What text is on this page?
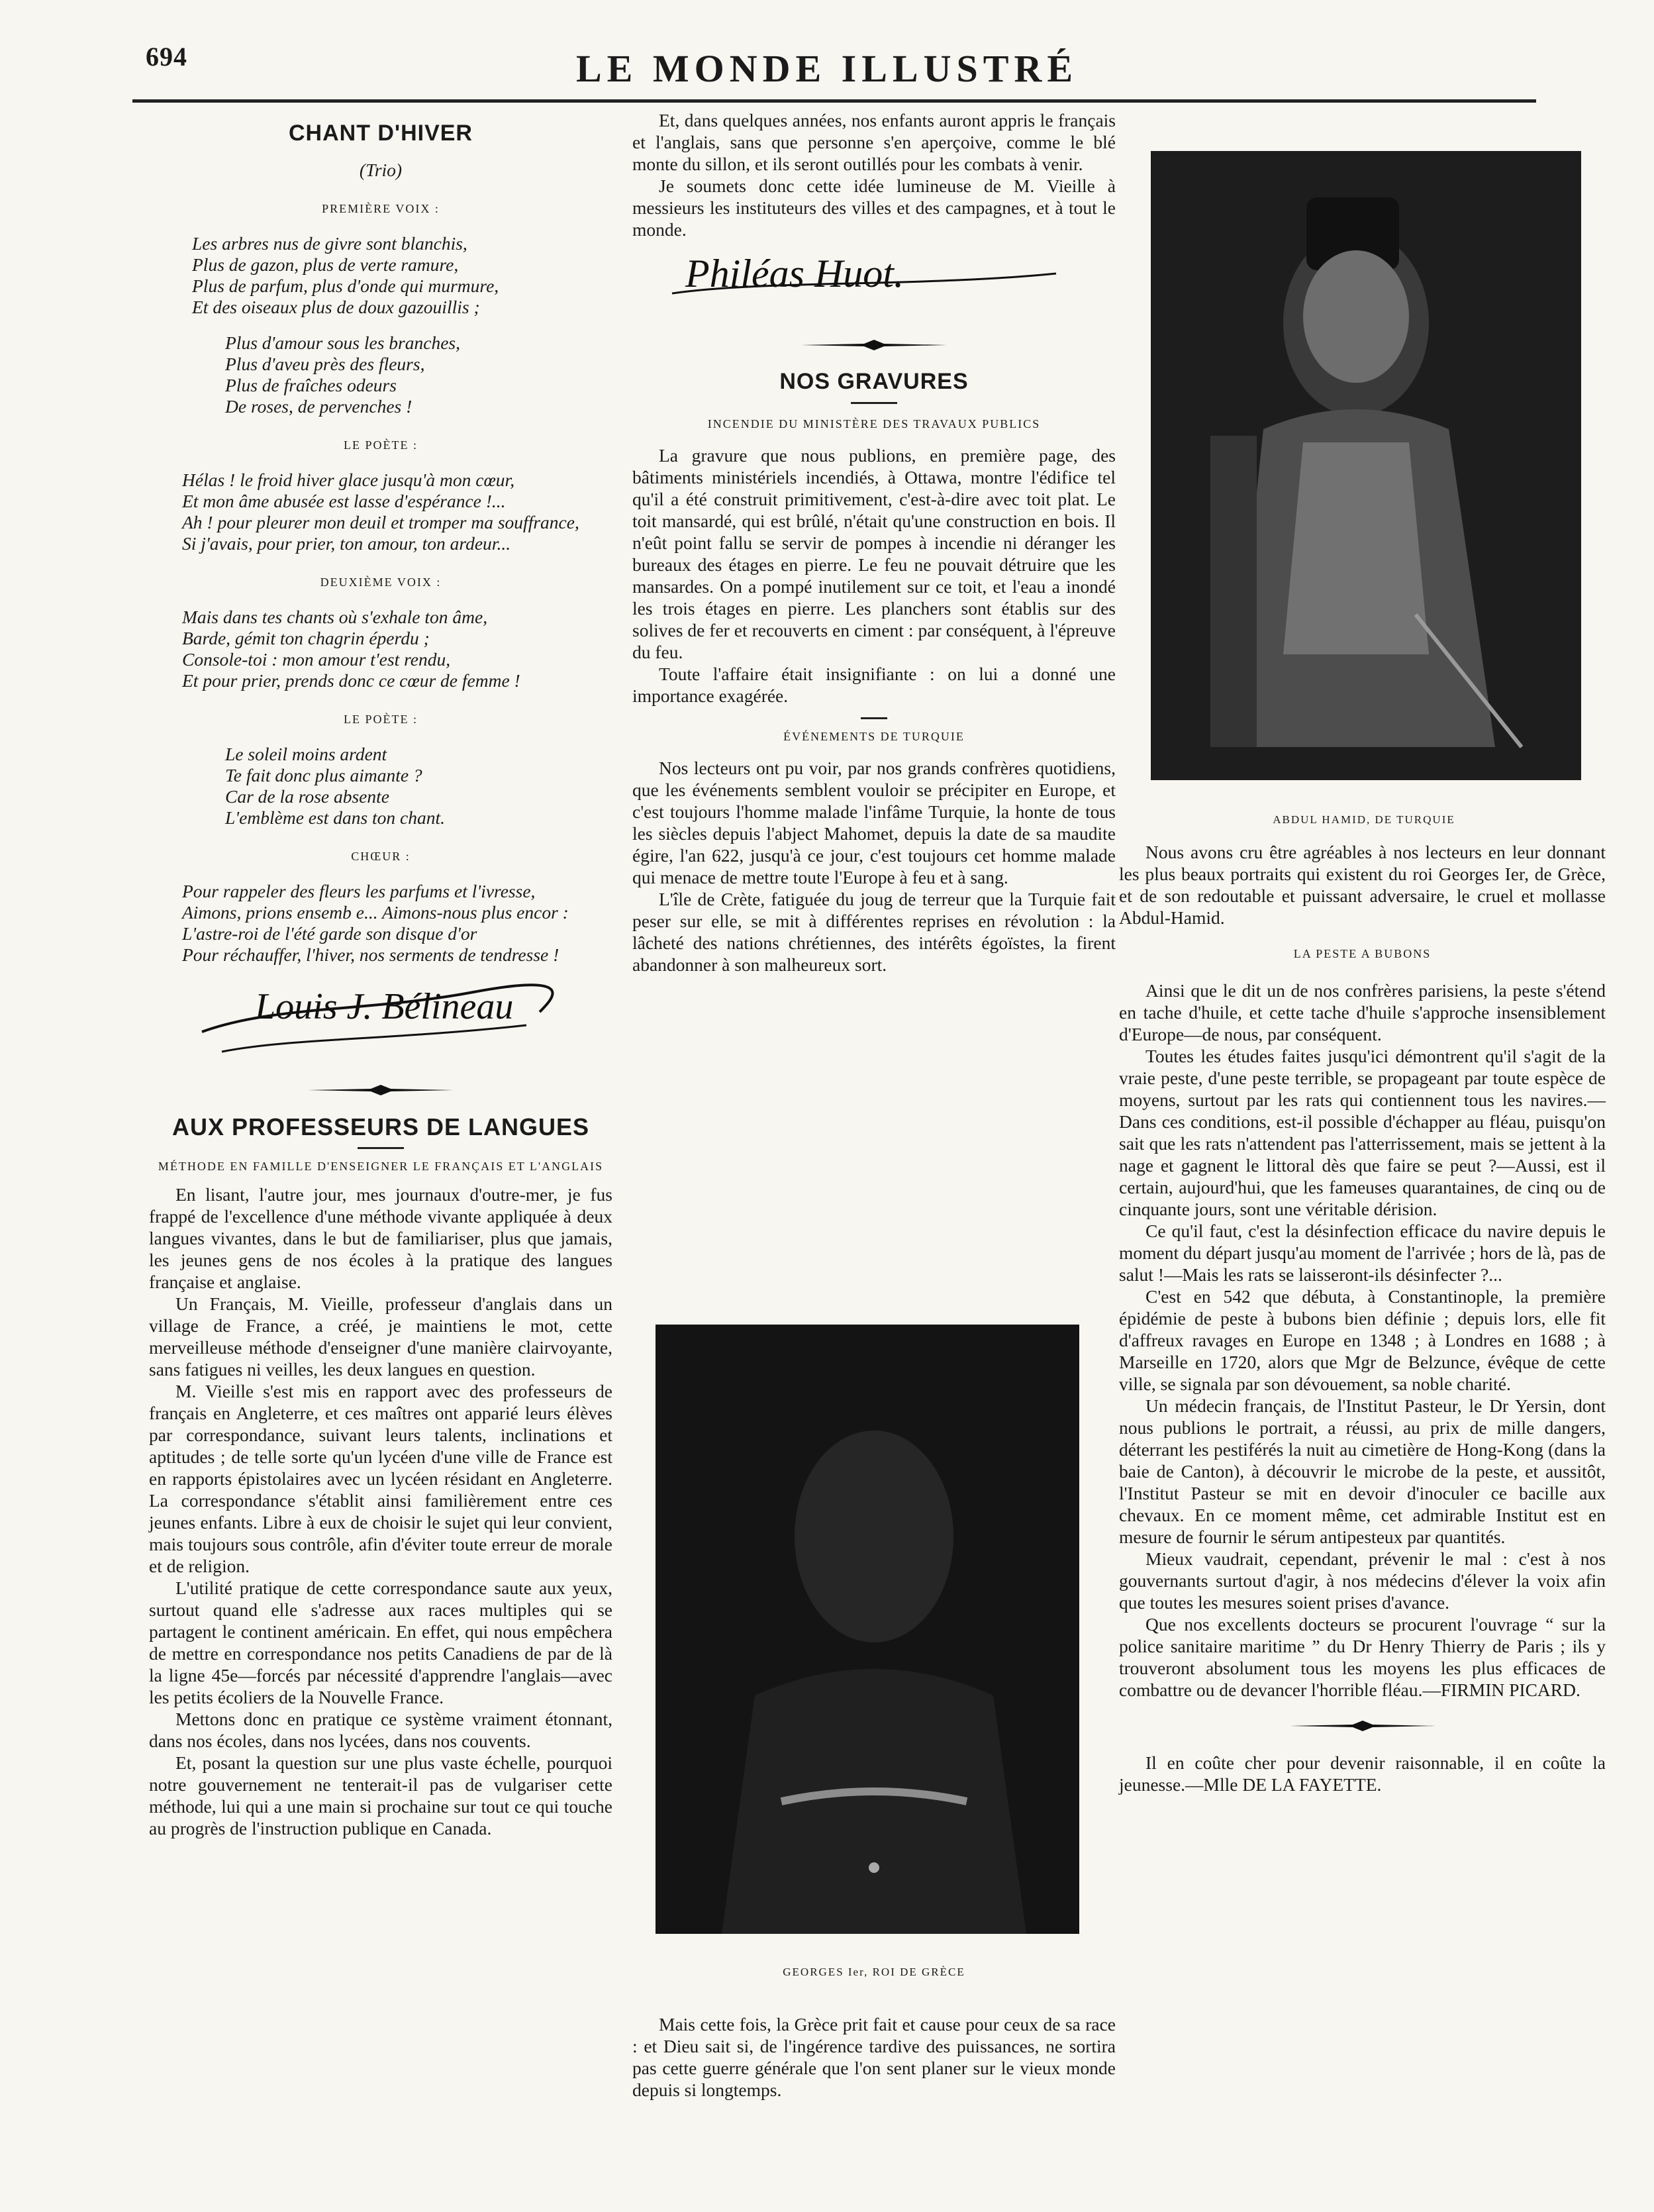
694	LE MONDE ILLUSTRÉ
CHANT D'HIVER
(Trio)

PREMIÈRE VOIX :

Les arbres nus de givre sont blanchis,
Plus de gazon, plus de verte ramure,
Plus de parfum, plus d'onde qui murmure,
Et des oiseaux plus de doux gazouillis ;
Plus d'amour sous les branches,
Plus d'aveu près des fleurs,
Plus de fraîches odeurs
De roses, de pervenches !

LE POÈTE :

Hélas ! le froid hiver glace jusqu'à mon cœur,
Et mon âme abusée est lasse d'espérance !...
Ah ! pour pleurer mon deuil et tromper ma souffrance,
Si j'avais, pour prier, ton amour, ton ardeur...

DEUXIÈME VOIX :

Mais dans tes chants où s'exhale ton âme,
Barde, gémit ton chagrin éperdu ;
Console-toi : mon amour t'est rendu,
Et pour prier, prends donc ce cœur de femme !

LE POÈTE :

Le soleil moins ardent
Te fait donc plus aimante ?
Car de la rose absente
L'emblème est dans ton chant.

CHŒUR :

Pour rappeler des fleurs les parfums et l'ivresse,
Aimons, prions ensemb e... Aimons-nous plus encor :
L'astre-roi de l'été garde son disque d'or
Pour réchauffer, l'hiver, nos serments de tendresse !
Louis J. Bélineau
AUX PROFESSEURS DE LANGUES

MÉTHODE EN FAMILLE D'ENSEIGNER LE FRANÇAIS ET L'ANGLAIS

En lisant, l'autre jour, mes journaux d'outre-mer, je fus frappé de l'excellence d'une méthode vivante appliquée à deux langues vivantes, dans le but de familiariser, plus que jamais, les jeunes gens de nos écoles à la pratique des langues française et anglaise.

Un Français, M. Vieille, professeur d'anglais dans un village de France, a créé, je maintiens le mot, cette merveilleuse méthode d'enseigner d'une manière clairvoyante, sans fatigues ni veilles, les deux langues en question.

M. Vieille s'est mis en rapport avec des professeurs de français en Angleterre, et ces maîtres ont apparié leurs élèves par correspondance, suivant leurs talents, inclinations et aptitudes ; de telle sorte qu'un lycéen d'une ville de France est en rapports épistolaires avec un lycéen résidant en Angleterre. La correspondance s'établit ainsi familièrement entre ces jeunes enfants. Libre à eux de choisir le sujet qui leur convient, mais toujours sous contrôle, afin d'éviter toute erreur de morale et de religion.

L'utilité pratique de cette correspondance saute aux yeux, surtout quand elle s'adresse aux races multiples qui se partagent le continent américain. En effet, qui nous empêchera de mettre en correspondance nos petits Canadiens de par de là la ligne 45e—forcés par nécessité d'apprendre l'anglais—avec les petits écoliers de la Nouvelle France.

Mettons donc en pratique ce système vraiment étonnant, dans nos écoles, dans nos lycées, dans nos couvents.

Et, posant la question sur une plus vaste échelle, pourquoi notre gouvernement ne tenterait-il pas de vulgariser cette méthode, lui qui a une main si prochaine sur tout ce qui touche au progrès de l'instruction publique en Canada.

Et, dans quelques années, nos enfants auront appris le français et l'anglais, sans que personne s'en aperçoive, comme le blé monte du sillon, et ils seront outillés pour les combats à venir.

Je soumets donc cette idée lumineuse de M. Vieille à messieurs les instituteurs des villes et des campagnes, et à tout le monde.

Philéas Huot.
NOS GRAVURES

INCENDIE DU MINISTÈRE DES TRAVAUX PUBLICS

La gravure que nous publions, en première page, des bâtiments ministériels incendiés, à Ottawa, montre l'édifice tel qu'il a été construit primitivement, c'est-à-dire avec toit plat. Le toit mansardé, qui est brûlé, n'était qu'une construction en bois. Il n'eût point fallu se servir de pompes à incendie ni déranger les bureaux des étages en pierre. Le feu ne pouvait détruire que les mansardes. On a pompé inutilement sur ce toit, et l'eau a inondé les trois étages en pierre. Les planchers sont établis sur des solives de fer et recouverts en ciment : par conséquent, à l'épreuve du feu.

Toute l'affaire était insignifiante : on lui a donné une importance exagérée.

ÉVÉNEMENTS DE TURQUIE

Nos lecteurs ont pu voir, par nos grands confrères quotidiens, que les événements semblent vouloir se précipiter en Europe, et c'est toujours l'homme malade l'infâme Turquie, la honte de tous les siècles depuis l'abject Mahomet, depuis la date de sa maudite égire, l'an 622, jusqu'à ce jour, c'est toujours cet homme malade qui menace de mettre toute l'Europe à feu et à sang.

L'île de Crète, fatiguée du joug de terreur que la Turquie fait peser sur elle, se mit à différentes reprises en révolution : la lâcheté des nations chrétiennes, des intérêts égoïstes, la firent abandonner à son malheureux sort.

ABDUL HAMID, DE TURQUIE

Nous avons cru être agréables à nos lecteurs en leur donnant les plus beaux portraits qui existent du roi Georges Ier, de Grèce, et de son redoutable et puissant adversaire, le cruel et mollasse Abdul-Hamid.

LA PESTE A BUBONS

Ainsi que le dit un de nos confrères parisiens, la peste s'étend en tache d'huile, et cette tache d'huile s'approche insensiblement d'Europe—de nous, par conséquent.

Toutes les études faites jusqu'ici démontrent qu'il s'agit de la vraie peste, d'une peste terrible, se propageant par toute espèce de moyens, surtout par les rats qui contiennent tous les navires.—Dans ces conditions, est-il possible d'échapper au fléau, puisqu'on sait que les rats n'attendent pas l'atterrissement, mais se jettent à la nage et gagnent le littoral dès que faire se peut ?—Aussi, est il certain, aujourd'hui, que les fameuses quarantaines, de cinq ou de cinquante jours, sont une véritable dérision.

Ce qu'il faut, c'est la désinfection efficace du navire depuis le moment du départ jusqu'au moment de l'arrivée ; hors de là, pas de salut !—Mais les rats se laisseront-ils désinfecter ?...

C'est en 542 que débuta, à Constantinople, la première épidémie de peste à bubons bien définie ; depuis lors, elle fit d'affreux ravages en Europe en 1348 ; à Londres en 1688 ; à Marseille en 1720, alors que Mgr de Belzunce, évêque de cette ville, se signala par son dévouement, sa noble charité.

Un médecin français, de l'Institut Pasteur, le Dr Yersin, dont nous publions le portrait, a réussi, au prix de mille dangers, déterrant les pestiférés la nuit au cimetière de Hong-Kong (dans la baie de Canton), à découvrir le microbe de la peste, et aussitôt, l'Institut Pasteur se mit en devoir d'inoculer ce bacille aux chevaux. En ce moment même, cet admirable Institut est en mesure de fournir le sérum antipesteux par quantités.

Mieux vaudrait, cependant, prévenir le mal : c'est à nos gouvernants surtout d'agir, à nos médecins d'élever la voix afin que toutes les mesures soient prises d'avance.

Que nos excellents docteurs se procurent l'ouvrage “ sur la police sanitaire maritime ” du Dr Henry Thierry de Paris ; ils y trouveront absolument tous les moyens les plus efficaces de combattre ou de devancer l'horrible fléau.—FIRMIN PICARD.

Il en coûte cher pour devenir raisonnable, il en coûte la jeunesse.—Mlle DE LA FAYETTE.

GEORGES Ier, ROI DE GRÈCE

Mais cette fois, la Grèce prit fait et cause pour ceux de sa race : et Dieu sait si, de l'ingérence tardive des puissances, ne sortira pas cette guerre générale que l'on sent planer sur le vieux monde depuis si longtemps.
